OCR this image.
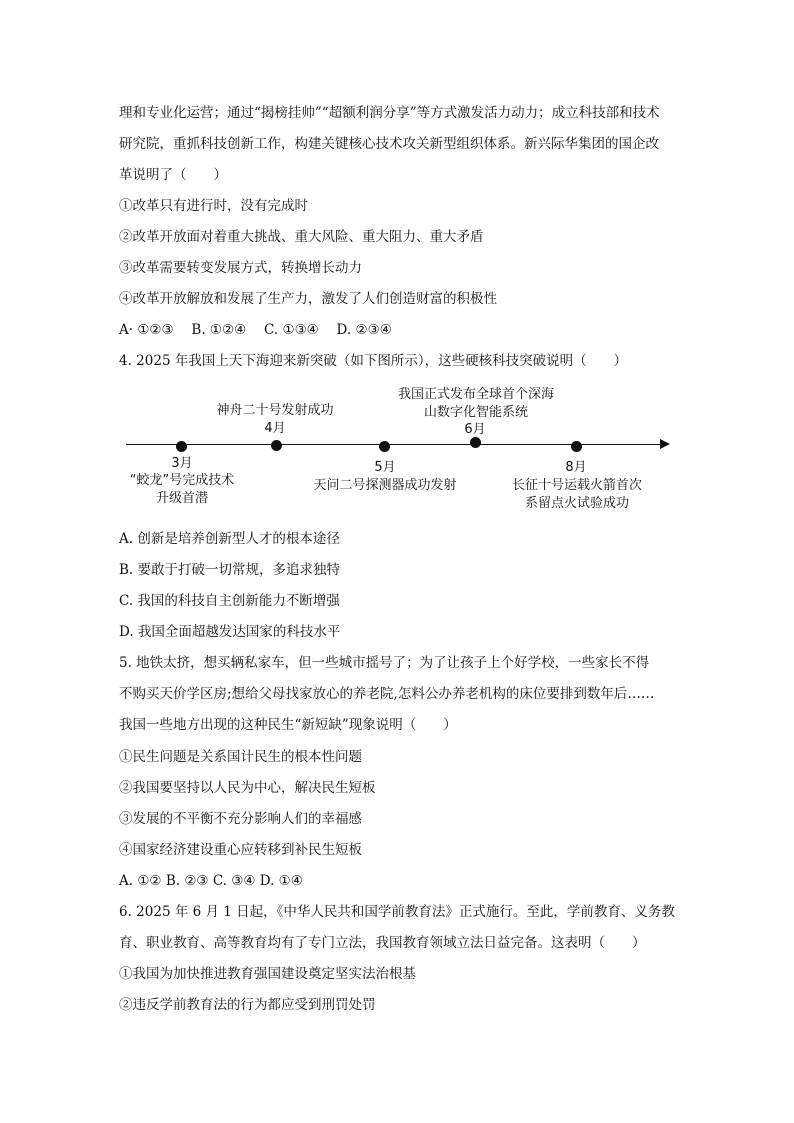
理和专业化运营；通过“揭榜挂帅”“超额利润分享”等方式激发活力动力；成立科技部和技术
研究院，重抓科技创新工作，构建关键核心技术攻关新型组织体系。新兴际华集团的国企改
革说明了（　　）
①改革只有进行时，没有完成时
②改革开放面对着重大挑战、重大风险、重大阻力、重大矛盾
③改革需要转变发展方式，转换增长动力
④改革开放解放和发展了生产力，激发了人们创造财富的积极性
A· ①②③　 B. ①②④　 C. ①③④　 D. ②③④
4. 2025 年我国上天下海迎来新突破（如下图所示），这些硬核科技突破说明（　　）
我国正式发布全球首个深海
山数字化智能系统
神舟二十号发射成功
4月	6月
3月
“蛟龙”号完成技术
升级首潜
5月
天问二号探测器成功发射
8月
长征十号运载火箭首次
系留点火试验成功
A. 创新是培养创新型人才的根本途径
B. 要敢于打破一切常规，多追求独特
C. 我国的科技自主创新能力不断增强
D. 我国全面超越发达国家的科技水平
5. 地铁太挤，想买辆私家车，但一些城市摇号了；为了让孩子上个好学校，一些家长不得
不购买天价学区房;想给父母找家放心的养老院,怎料公办养老机构的床位要排到数年后……
我国一些地方出现的这种民生“新短缺”现象说明（　　）
①民生问题是关系国计民生的根本性问题
②我国要坚持以人民为中心，解决民生短板
③发展的不平衡不充分影响人们的幸福感
④国家经济建设重心应转移到补民生短板
A. ①② B. ②③ C. ③④ D. ①④
6. 2025 年 6 月 1 日起，《中华人民共和国学前教育法》正式施行。至此，学前教育、义务教
育、职业教育、高等教育均有了专门立法，我国教育领域立法日益完备。这表明（　　）
①我国为加快推进教育强国建设奠定坚实法治根基
②违反学前教育法的行为都应受到刑罚处罚
